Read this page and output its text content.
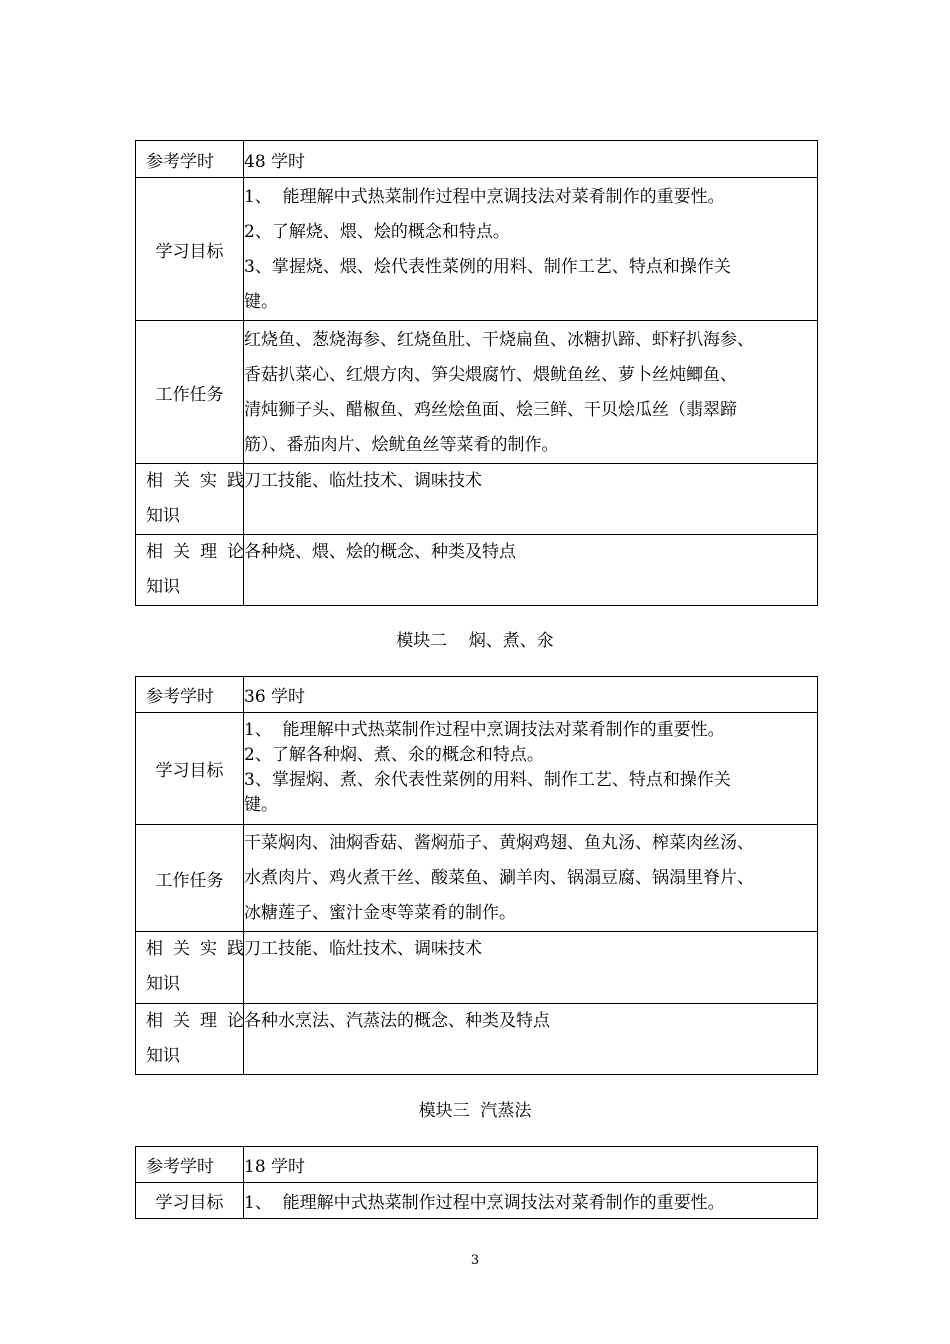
参考学时	48 学时
学习目标	1、  能理解中式热菜制作过程中烹调技法对菜肴制作的重要性。
2、了解烧、煨、烩的概念和特点。
3、掌握烧、煨、烩代表性菜例的用料、制作工艺、特点和操作关
键。

工作任务	红烧鱼、葱烧海参、红烧鱼肚、干烧扁鱼、冰糖扒蹄、虾籽扒海参、
香菇扒菜心、红煨方肉、笋尖煨腐竹、煨鱿鱼丝、萝卜丝炖鲫鱼、
清炖狮子头、醋椒鱼、鸡丝烩鱼面、烩三鲜、干贝烩瓜丝（翡翠蹄
筋）、番茄肉片、烩鱿鱼丝等菜肴的制作。

相关实践
知识	刀工技能、临灶技术、调味技术

相关理论
知识	各种烧、煨、烩的概念、种类及特点
模块二    焖、煮、氽
参考学时	36 学时
学习目标	1、  能理解中式热菜制作过程中烹调技法对菜肴制作的重要性。
2、了解各种焖、煮、氽的概念和特点。
3、掌握焖、煮、氽代表性菜例的用料、制作工艺、特点和操作关
键。

工作任务	干菜焖肉、油焖香菇、酱焖茄子、黄焖鸡翅、鱼丸汤、榨菜肉丝汤、
水煮肉片、鸡火煮干丝、酸菜鱼、涮羊肉、锅溻豆腐、锅溻里脊片、
冰糖莲子、蜜汁金枣等菜肴的制作。

相关实践
知识	刀工技能、临灶技术、调味技术

相关理论
知识	各种水烹法、汽蒸法的概念、种类及特点
模块三  汽蒸法
参考学时	18 学时
学习目标	1、  能理解中式热菜制作过程中烹调技法对菜肴制作的重要性。
3
